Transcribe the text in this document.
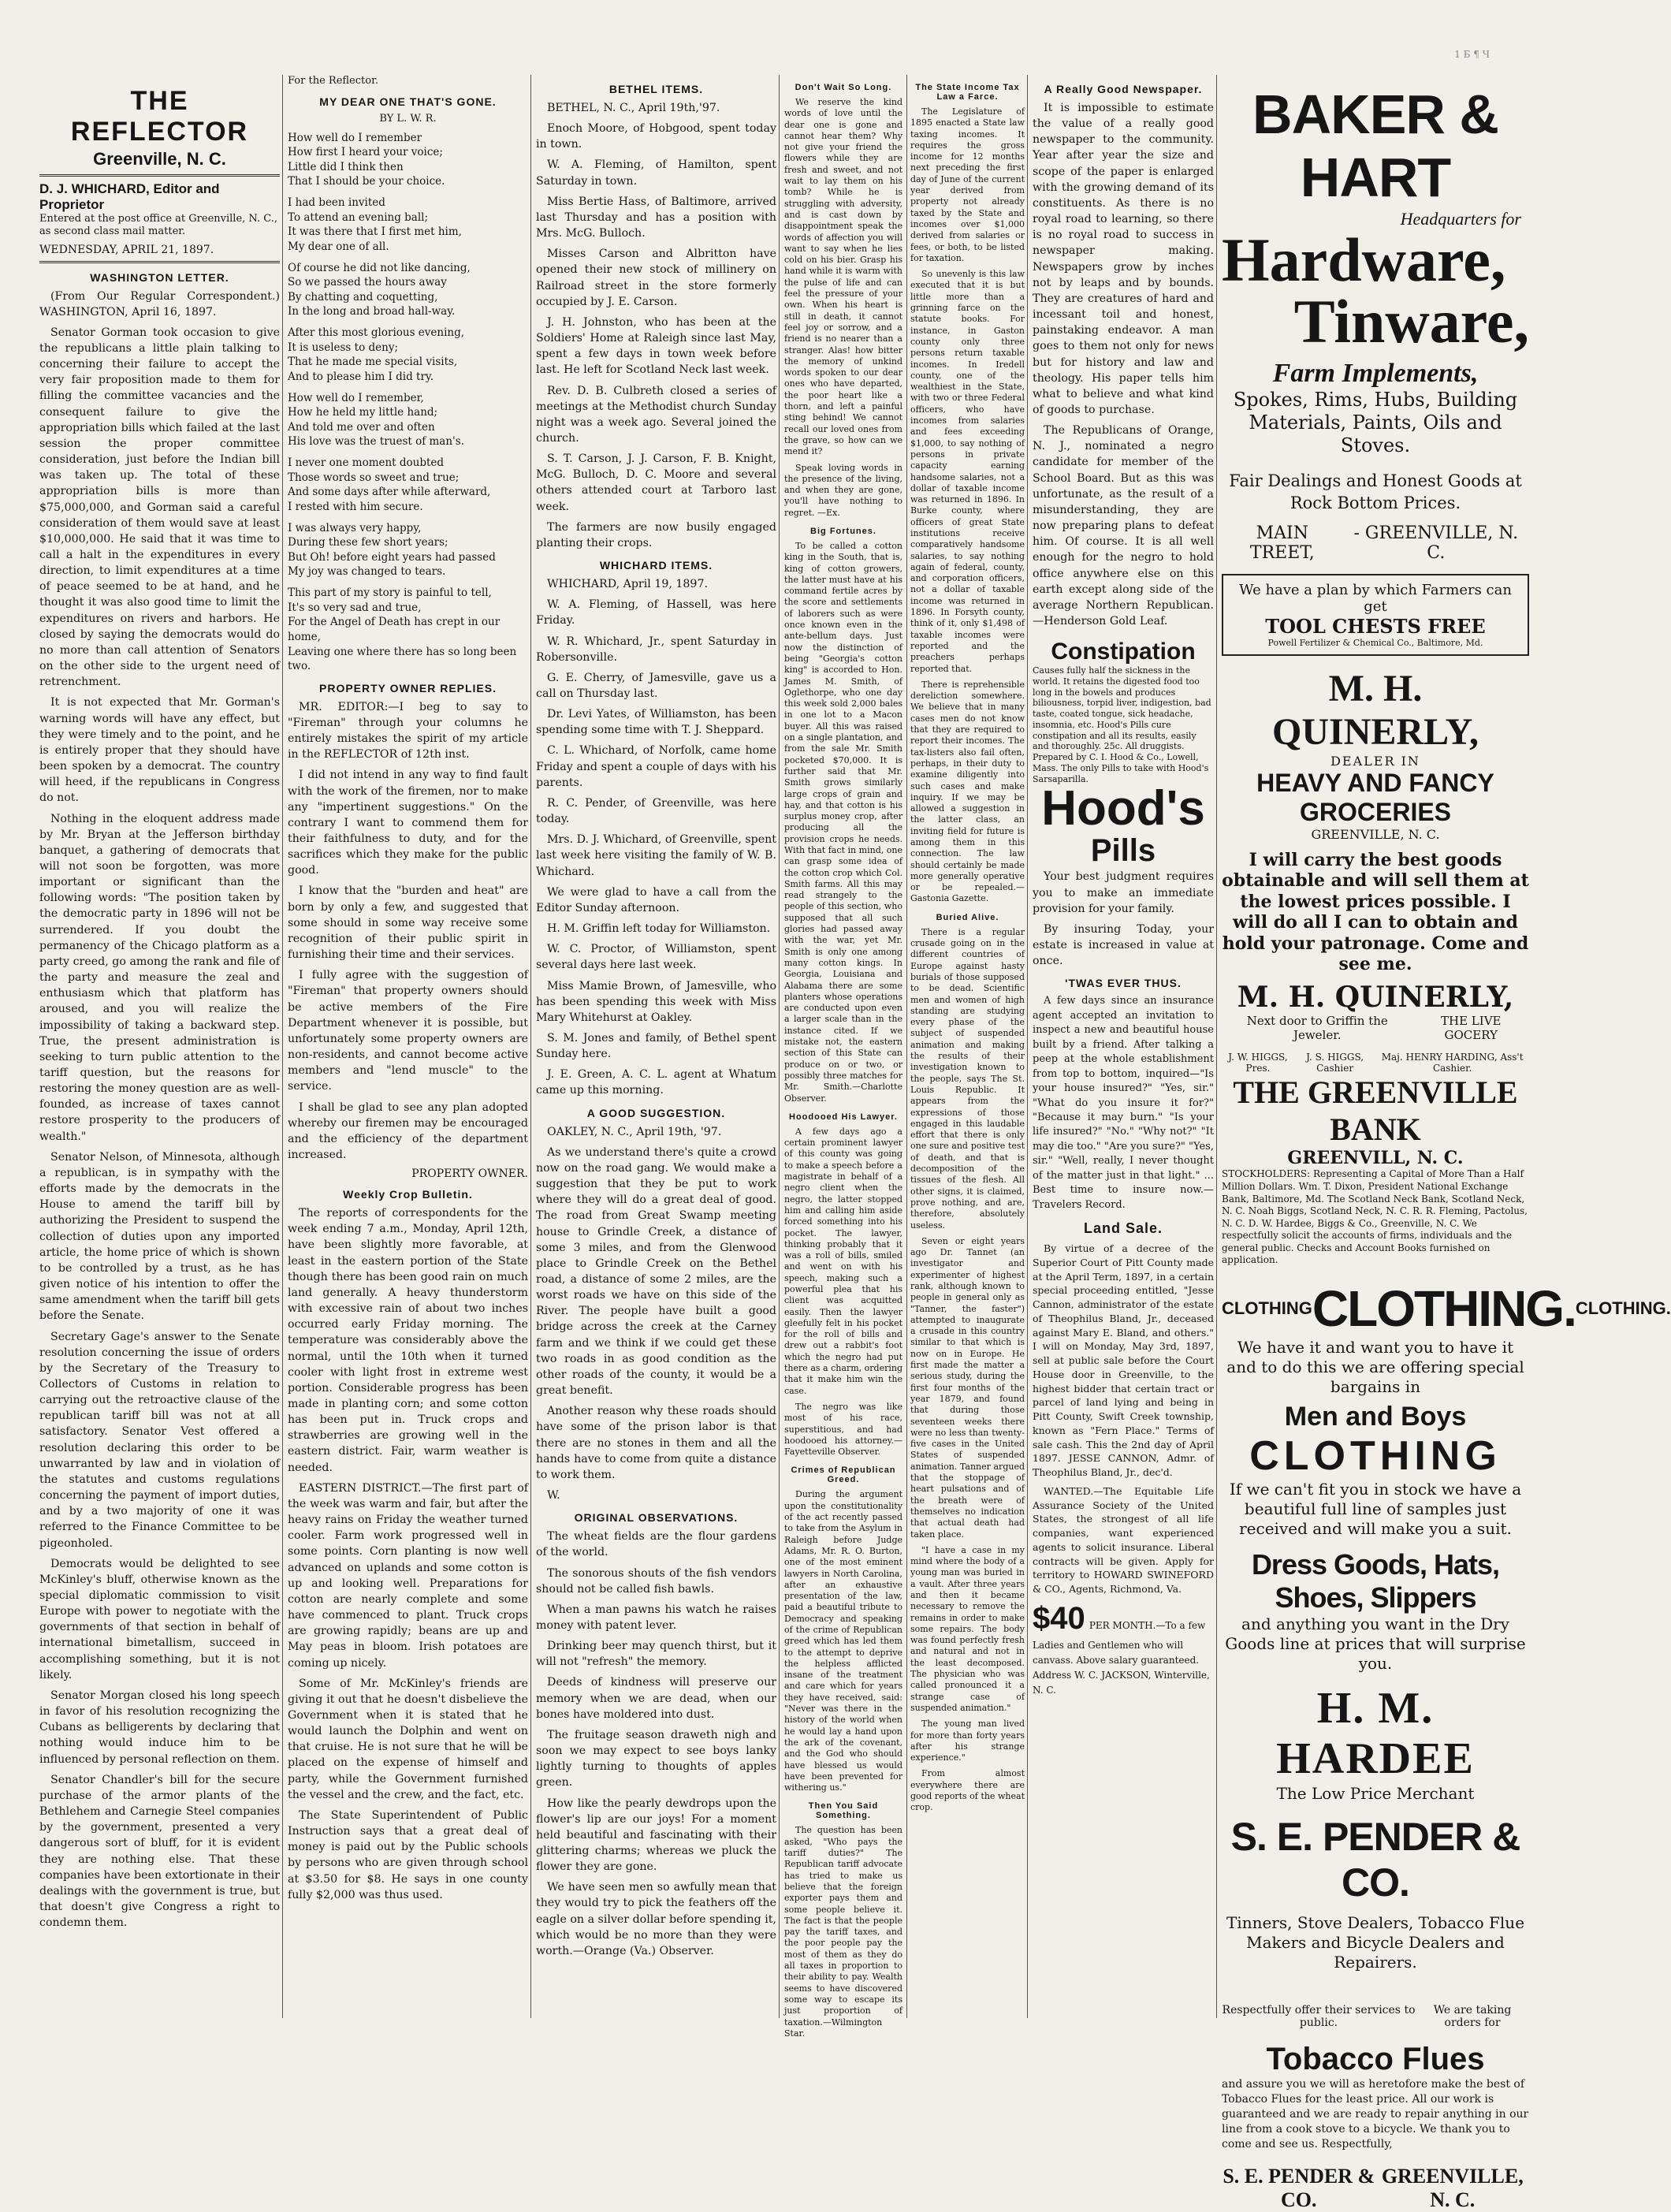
1 Б ¶ Ч
THE REFLECTOR
Greenville, N. C.
D. J. WHICHARD, Editor and Proprietor
Entered at the post office at Greenville, N. C., as second class mail matter.
WEDNESDAY, APRIL 21, 1897.
WASHINGTON LETTER.

(From Our Regular Correspondent.) WASHINGTON, April 16, 1897.

Senator Gorman took occasion to give the republicans a little plain talking to concerning their failure to accept the very fair proposition made to them for filling the committee vacancies and the consequent failure to give the appropriation bills which failed at the last session the proper committee consideration, just before the Indian bill was taken up. The total of these appropriation bills is more than $75,000,000, and Gorman said a careful consideration of them would save at least $10,000,000. He said that it was time to call a halt in the expenditures in every direction, to limit expenditures at a time of peace seemed to be at hand, and he thought it was also good time to limit the expenditures on rivers and harbors. He closed by saying the democrats would do no more than call attention of Senators on the other side to the urgent need of retrenchment.

It is not expected that Mr. Gorman's warning words will have any effect, but they were timely and to the point, and he is entirely proper that they should have been spoken by a democrat. The country will heed, if the republicans in Congress do not.

Nothing in the eloquent address made by Mr. Bryan at the Jefferson birthday banquet, a gathering of democrats that will not soon be forgotten, was more important or significant than the following words: "The position taken by the democratic party in 1896 will not be surrendered. If you doubt the permanency of the Chicago platform as a party creed, go among the rank and file of the party and measure the zeal and enthusiasm which that platform has aroused, and you will realize the impossibility of taking a backward step. True, the present administration is seeking to turn public attention to the tariff question, but the reasons for restoring the money question are as well-founded, as increase of taxes cannot restore prosperity to the producers of wealth."

Senator Nelson, of Minnesota, although a republican, is in sympathy with the efforts made by the democrats in the House to amend the tariff bill by authorizing the President to suspend the collection of duties upon any imported article, the home price of which is shown to be controlled by a trust, as he has given notice of his intention to offer the same amendment when the tariff bill gets before the Senate.

Secretary Gage's answer to the Senate resolution concerning the issue of orders by the Secretary of the Treasury to Collectors of Customs in relation to carrying out the retroactive clause of the republican tariff bill was not at all satisfactory. Senator Vest offered a resolution declaring this order to be unwarranted by law and in violation of the statutes and customs regulations concerning the payment of import duties, and by a two majority of one it was referred to the Finance Committee to be pigeonholed.

Democrats would be delighted to see McKinley's bluff, otherwise known as the special diplomatic commission to visit Europe with power to negotiate with the governments of that section in behalf of international bimetallism, succeed in accomplishing something, but it is not likely.

Senator Morgan closed his long speech in favor of his resolution recognizing the Cubans as belligerents by declaring that nothing would induce him to be influenced by personal reflection on them.

Senator Chandler's bill for the secure purchase of the armor plants of the Bethlehem and Carnegie Steel companies by the government, presented a very dangerous sort of bluff, for it is evident they are nothing else. That these companies have been extortionate in their dealings with the government is true, but that doesn't give Congress a right to condemn them.

For the Reflector.
MY DEAR ONE THAT'S GONE.
BY L. W. R.

How well do I remember
How first I heard your voice;
Little did I think then
That I should be your choice.

I had been invited
To attend an evening ball;
It was there that I first met him,
My dear one of all.

Of course he did not like dancing,
So we passed the hours away
By chatting and coquetting,
In the long and broad hall-way.

After this most glorious evening,
It is useless to deny;
That he made me special visits,
And to please him I did try.

How well do I remember,
How he held my little hand;
And told me over and often
His love was the truest of man's.

I never one moment doubted
Those words so sweet and true;
And some days after while afterward,
I rested with him secure.

I was always very happy,
During these few short years;
But Oh! before eight years had passed
My joy was changed to tears.

This part of my story is painful to tell,
It's so very sad and true,
For the Angel of Death has crept in our home,
Leaving one where there has so long been two.

PROPERTY OWNER REPLIES.

MR. EDITOR:—I beg to say to "Fireman" through your columns he entirely mistakes the spirit of my article in the REFLECTOR of 12th inst.

I did not intend in any way to find fault with the work of the firemen, nor to make any "impertinent suggestions." On the contrary I want to commend them for their faithfulness to duty, and for the sacrifices which they make for the public good.

I know that the "burden and heat" are born by only a few, and suggested that some should in some way receive some recognition of their public spirit in furnishing their time and their services.

I fully agree with the suggestion of "Fireman" that property owners should be active members of the Fire Department whenever it is possible, but unfortunately some property owners are non-residents, and cannot become active members and "lend muscle" to the service.

I shall be glad to see any plan adopted whereby our firemen may be encouraged and the efficiency of the department increased.

PROPERTY OWNER.
Weekly Crop Bulletin.

The reports of correspondents for the week ending 7 a.m., Monday, April 12th, have been slightly more favorable, at least in the eastern portion of the State though there has been good rain on much land generally. A heavy thunderstorm with excessive rain of about two inches occurred early Friday morning. The temperature was considerably above the normal, until the 10th when it turned cooler with light frost in extreme west portion. Considerable progress has been made in planting corn; and some cotton has been put in. Truck crops and strawberries are growing well in the eastern district. Fair, warm weather is needed.

EASTERN DISTRICT.—The first part of the week was warm and fair, but after the heavy rains on Friday the weather turned cooler. Farm work progressed well in some points. Corn planting is now well advanced on uplands and some cotton is up and looking well. Preparations for cotton are nearly complete and some have commenced to plant. Truck crops are growing rapidly; beans are up and May peas in bloom. Irish potatoes are coming up nicely.

Some of Mr. McKinley's friends are giving it out that he doesn't disbelieve the Government when it is stated that he would launch the Dolphin and went on that cruise. He is not sure that he will be placed on the expense of himself and party, while the Government furnished the vessel and the crew, and the fact, etc.

The State Superintendent of Public Instruction says that a great deal of money is paid out by the Public schools by persons who are given through school at $3.50 for $8. He says in one county fully $2,000 was thus used.

BETHEL ITEMS.

BETHEL, N. C., April 19th,'97.

Enoch Moore, of Hobgood, spent today in town.

W. A. Fleming, of Hamilton, spent Saturday in town.

Miss Bertie Hass, of Baltimore, arrived last Thursday and has a position with Mrs. McG. Bulloch.

Misses Carson and Albritton have opened their new stock of millinery on Railroad street in the store formerly occupied by J. E. Carson.

J. H. Johnston, who has been at the Soldiers' Home at Raleigh since last May, spent a few days in town week before last. He left for Scotland Neck last week.

Rev. D. B. Culbreth closed a series of meetings at the Methodist church Sunday night was a week ago. Several joined the church.

S. T. Carson, J. J. Carson, F. B. Knight, McG. Bulloch, D. C. Moore and several others attended court at Tarboro last week.

The farmers are now busily engaged planting their crops.

WHICHARD ITEMS.

WHICHARD, April 19, 1897.

W. A. Fleming, of Hassell, was here Friday.

W. R. Whichard, Jr., spent Saturday in Robersonville.

G. E. Cherry, of Jamesville, gave us a call on Thursday last.

Dr. Levi Yates, of Williamston, has been spending some time with T. J. Sheppard.

C. L. Whichard, of Norfolk, came home Friday and spent a couple of days with his parents.

R. C. Pender, of Greenville, was here today.

Mrs. D. J. Whichard, of Greenville, spent last week here visiting the family of W. B. Whichard.

We were glad to have a call from the Editor Sunday afternoon.

H. M. Griffin left today for Williamston.

W. C. Proctor, of Williamston, spent several days here last week.

Miss Mamie Brown, of Jamesville, who has been spending this week with Miss Mary Whitehurst at Oakley.

S. M. Jones and family, of Bethel spent Sunday here.

J. E. Green, A. C. L. agent at Whatum came up this morning.

A GOOD SUGGESTION.

OAKLEY, N. C., April 19th, '97.

As we understand there's quite a crowd now on the road gang. We would make a suggestion that they be put to work where they will do a great deal of good. The road from Great Swamp meeting house to Grindle Creek, a distance of some 3 miles, and from the Glenwood place to Grindle Creek on the Bethel road, a distance of some 2 miles, are the worst roads we have on this side of the River. The people have built a good bridge across the creek at the Carney farm and we think if we could get these two roads in as good condition as the other roads of the county, it would be a great benefit.

Another reason why these roads should have some of the prison labor is that there are no stones in them and all the hands have to come from quite a distance to work them.

W.

ORIGINAL OBSERVATIONS.

The wheat fields are the flour gardens of the world.

The sonorous shouts of the fish vendors should not be called fish bawls.

When a man pawns his watch he raises money with patent lever.

Drinking beer may quench thirst, but it will not "refresh" the memory.

Deeds of kindness will preserve our memory when we are dead, when our bones have moldered into dust.

The fruitage season draweth nigh and soon we may expect to see boys lanky lightly turning to thoughts of apples green.

How like the pearly dewdrops upon the flower's lip are our joys! For a moment held beautiful and fascinating with their glittering charms; whereas we pluck the flower they are gone.

We have seen men so awfully mean that they would try to pick the feathers off the eagle on a silver dollar before spending it, which would be no more than they were worth.—Orange (Va.) Observer.

Don't Wait So Long.

We reserve the kind words of love until the dear one is gone and cannot hear them? Why not give your friend the flowers while they are fresh and sweet, and not wait to lay them on his tomb? While he is struggling with adversity, and is cast down by disappointment speak the words of affection you will want to say when he lies cold on his bier. Grasp his hand while it is warm with the pulse of life and can feel the pressure of your own. When his heart is still in death, it cannot feel joy or sorrow, and a friend is no nearer than a stranger. Alas! how bitter the memory of unkind words spoken to our dear ones who have departed, the poor heart like a thorn, and left a painful sting behind! We cannot recall our loved ones from the grave, so how can we mend it?

Speak loving words in the presence of the living, and when they are gone, you'll have nothing to regret. —Ex.

Big Fortunes.

To be called a cotton king in the South, that is, king of cotton growers, the latter must have at his command fertile acres by the score and settlements of laborers such as were once known even in the ante-bellum days. Just now the distinction of being "Georgia's cotton king" is accorded to Hon. James M. Smith, of Oglethorpe, who one day this week sold 2,000 bales in one lot to a Macon buyer. All this was raised on a single plantation, and from the sale Mr. Smith pocketed $70,000. It is further said that Mr. Smith grows similarly large crops of grain and hay, and that cotton is his surplus money crop, after producing all the provision crops he needs. With that fact in mind, one can grasp some idea of the cotton crop which Col. Smith farms. All this may read strangely to the people of this section, who supposed that all such glories had passed away with the war, yet Mr. Smith is only one among many cotton kings. In Georgia, Louisiana and Alabama there are some planters whose operations are conducted upon even a larger scale than in the instance cited. If we mistake not, the eastern section of this State can produce on or two, or possibly three matches for Mr. Smith.—Charlotte Observer.

Hoodooed His Lawyer.

A few days ago a certain prominent lawyer of this county was going to make a speech before a magistrate in behalf of a negro client when the negro, the latter stopped him and calling him aside forced something into his pocket. The lawyer, thinking probably that it was a roll of bills, smiled and went on with his speech, making such a powerful plea that his client was acquitted easily. Then the lawyer gleefully felt in his pocket for the roll of bills and drew out a rabbit's foot which the negro had put there as a charm, ordering that it make him win the case.

The negro was like most of his race, superstitious, and had hoodooed his attorney.—Fayetteville Observer.

Crimes of Republican Greed.

During the argument upon the constitutionality of the act recently passed to take from the Asylum in Raleigh before Judge Adams, Mr. R. O. Burton, one of the most eminent lawyers in North Carolina, after an exhaustive presentation of the law, paid a beautiful tribute to Democracy and speaking of the crime of Republican greed which has led them to the attempt to deprive the helpless afflicted insane of the treatment and care which for years they have received, said: "Never was there in the history of the world when he would lay a hand upon the ark of the covenant, and the God who should have blessed us would have been prevented for withering us."

Then You Said Something.

The question has been asked, "Who pays the tariff duties?" The Republican tariff advocate has tried to make us believe that the foreign exporter pays them and some people believe it. The fact is that the people pay the tariff taxes, and the poor people pay the most of them as they do all taxes in proportion to their ability to pay. Wealth seems to have discovered some way to escape its just proportion of taxation.—Wilmington Star.

A Really Good Newspaper.

It is impossible to estimate the value of a really good newspaper to the community. Year after year the size and scope of the paper is enlarged with the growing demand of its constituents. As there is no royal road to learning, so there is no royal road to success in newspaper making. Newspapers grow by inches not by leaps and by bounds. They are creatures of hard and incessant toil and honest, painstaking endeavor. A man goes to them not only for news but for history and law and theology. His paper tells him what to believe and what kind of goods to purchase.

The Republicans of Orange, N. J., nominated a negro candidate for member of the School Board. But as this was unfortunate, as the result of a misunderstanding, they are now preparing plans to defeat him. Of course. It is all well enough for the negro to hold office anywhere else on this earth except along side of the average Northern Republican.—Henderson Gold Leaf.

Constipation
Causes fully half the sickness in the world. It retains the digested food too long in the bowels and produces biliousness, torpid liver, indigestion, bad taste, coated tongue, sick headache, insomnia, etc. Hood's Pills cure constipation and all its results, easily and thoroughly. 25c. All druggists. Prepared by C. I. Hood & Co., Lowell, Mass. The only Pills to take with Hood's Sarsaparilla.
Hood's Pills

Your best judgment requires you to make an immediate provision for your family.

By insuring Today, your estate is increased in value at once.

'TWAS EVER THUS.

A few days since an insurance agent accepted an invitation to inspect a new and beautiful house built by a friend. After talking a peep at the whole establishment from top to bottom, inquired—"Is your house insured?" "Yes, sir." "What do you insure it for?" "Because it may burn." "Is your life insured?" "No." "Why not?" "It may die too." "Are you sure?" "Yes, sir." "Well, really, I never thought of the matter just in that light." ... Best time to insure now.—Travelers Record.

Land Sale.

By virtue of a decree of the Superior Court of Pitt County made at the April Term, 1897, in a certain special proceeding entitled, "Jesse Cannon, administrator of the estate of Theophilus Bland, Jr., deceased against Mary E. Bland, and others." I will on Monday, May 3rd, 1897, sell at public sale before the Court House door in Greenville, to the highest bidder that certain tract or parcel of land lying and being in Pitt County, Swift Creek township, known as "Fern Place." Terms of sale cash. This the 2nd day of April 1897. JESSE CANNON, Admr. of Theophilus Bland, Jr., dec'd.

WANTED.—The Equitable Life Assurance Society of the United States, the strongest of all life companies, want experienced agents to solicit insurance. Liberal contracts will be given. Apply for territory to HOWARD SWINEFORD & CO., Agents, Richmond, Va.

$40 PER MONTH.—To a few Ladies and Gentlemen who will canvass. Above salary guaranteed. Address W. C. JACKSON, Winterville, N. C.
BAKER & HART
Headquarters for
Hardware,
Tinware,
Farm Implements,
Spokes, Rims, Hubs, Building Materials, Paints, Oils and Stoves.
Fair Dealings and Honest Goods at Rock Bottom Prices.
MAIN TREET,
- GREENVILLE, N. C.
We have a plan by which Farmers can get
TOOL CHESTS FREE
Powell Fertilizer & Chemical Co., Baltimore, Md.
M. H. QUINERLY,
DEALER IN
HEAVY AND FANCY GROCERIES
GREENVILLE, N. C.
I will carry the best goods obtainable and will sell them at the lowest prices possible. I will do all I can to obtain and hold your patronage. Come and see me.
M. H. QUINERLY,
Next door to Griffin the Jeweler.
THE LIVE GOCERY
J. W. HIGGS, Pres.
J. S. HIGGS, Cashier
Maj. HENRY HARDING, Ass't Cashier.
THE GREENVILLE BANK
GREENVILL, N. C.
STOCKHOLDERS: Representing a Capital of More Than a Half Million Dollars. Wm. T. Dixon, President National Exchange Bank, Baltimore, Md. The Scotland Neck Bank, Scotland Neck, N. C. Noah Biggs, Scotland Neck, N. C. R. R. Fleming, Pactolus, N. C. D. W. Hardee, Biggs & Co., Greenville, N. C. We respectfully solicit the accounts of firms, individuals and the general public. Checks and Account Books furnished on application.
CLOTHING CLOTHING. CLOTHING.
We have it and want you to have it and to do this we are offering special bargains in
Men and Boys
CLOTHING
If we can't fit you in stock we have a beautiful full line of samples just received and will make you a suit.
Dress Goods, Hats, Shoes, Slippers
and anything you want in the Dry Goods line at prices that will surprise you.
H. M. HARDEE
The Low Price Merchant
S. E. PENDER & CO.
Tinners, Stove Dealers, Tobacco Flue Makers and Bicycle Dealers and Repairers.
Respectfully offer their services to public.
We are taking orders for
Tobacco Flues
and assure you we will as heretofore make the best of Tobacco Flues for the least price. All our work is guaranteed and we are ready to repair anything in our line from a cook stove to a bicycle. We thank you to come and see us. Respectfully,
S. E. PENDER & CO.
GREENVILLE, N. C.
The State Income Tax Law a Farce.

The Legislature of 1895 enacted a State law taxing incomes. It requires the gross income for 12 months next preceding the first day of June of the current year derived from property not already taxed by the State and incomes over $1,000 derived from salaries or fees, or both, to be listed for taxation.

So unevenly is this law executed that it is but little more than a grinning farce on the statute books. For instance, in Gaston county only three persons return taxable incomes. In Iredell county, one of the wealthiest in the State, with two or three Federal officers, who have incomes from salaries and fees exceeding $1,000, to say nothing of persons in private capacity earning handsome salaries, not a dollar of taxable income was returned in 1896. In Burke county, where officers of great State institutions receive comparatively handsome salaries, to say nothing again of federal, county, and corporation officers, not a dollar of taxable income was returned in 1896. In Forsyth county, think of it, only $1,498 of taxable incomes were reported and the preachers perhaps reported that.

There is reprehensible dereliction somewhere. We believe that in many cases men do not know that they are required to report their incomes. The tax-listers also fail often, perhaps, in their duty to examine diligently into such cases and make inquiry. If we may be allowed a suggestion in the latter class, an inviting field for future is among them in this connection. The law should certainly be made more generally operative or be repealed.—Gastonia Gazette.

Buried Alive.

There is a regular crusade going on in the different countries of Europe against hasty burials of those supposed to be dead. Scientific men and women of high standing are studying every phase of the subject of suspended animation and making the results of their investigation known to the people, says The St. Louis Republic. It appears from the expressions of those engaged in this laudable effort that there is only one sure and positive test of death, and that is decomposition of the tissues of the flesh. All other signs, it is claimed, prove nothing, and are, therefore, absolutely useless.

Seven or eight years ago Dr. Tannet (an investigator and experimenter of highest rank, although known to people in general only as "Tanner, the faster") attempted to inaugurate a crusade in this country similar to that which is now on in Europe. He first made the matter a serious study, during the first four months of the year 1879, and found that during those seventeen weeks there were no less than twenty-five cases in the United States of suspended animation. Tanner argued that the stoppage of heart pulsations and of the breath were of themselves no indication that actual death had taken place.

"I have a case in my mind where the body of a young man was buried in a vault. After three years and then it became necessary to remove the remains in order to make some repairs. The body was found perfectly fresh and natural and not in the least decomposed. The physician who was called pronounced it a strange case of suspended animation."

The young man lived for more than forty years after his strange experience."

From almost everywhere there are good reports of the wheat crop.
